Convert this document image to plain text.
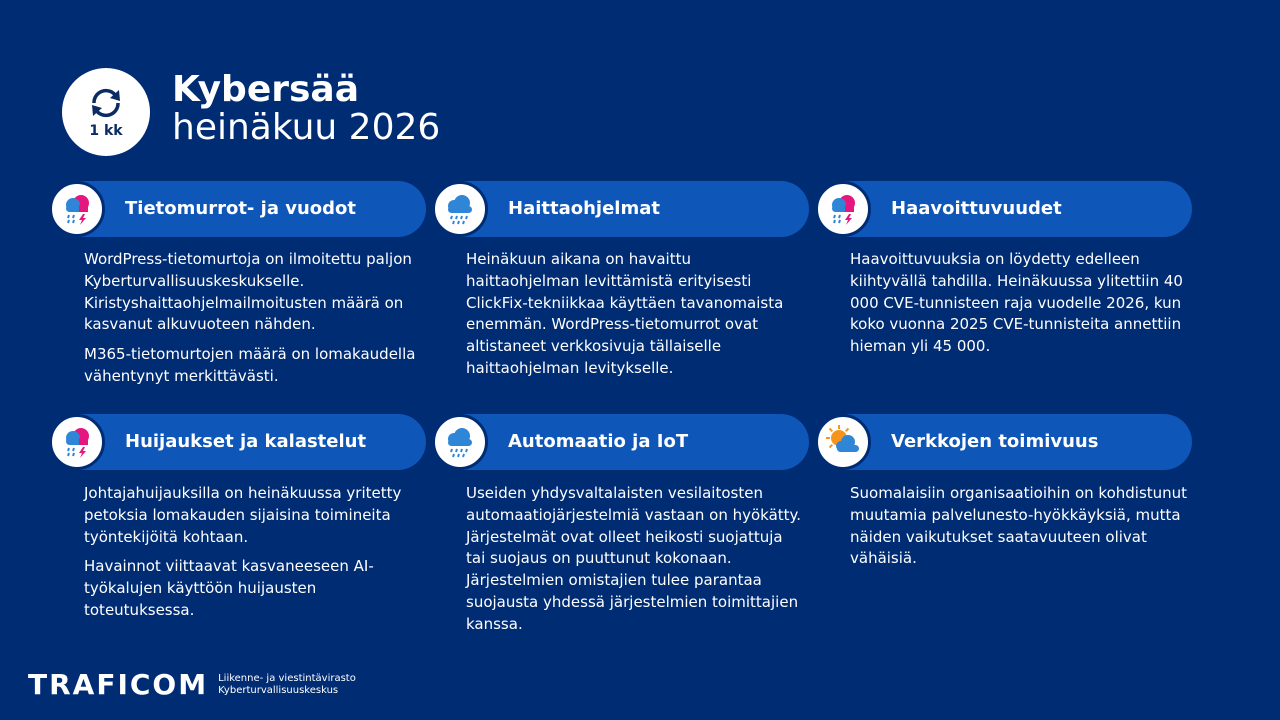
1 kk
Kybersää
heinäkuu 2026
Tietomurrot- ja vuodot

WordPress-tietomurtoja on ilmoitettu paljon Kyberturvallisuuskeskukselle. Kiristyshaittaohjelmailmoitusten määrä on kasvanut alkuvuoteen nähden.

M365-tietomurtojen määrä on lomakaudella vähentynyt merkittävästi.

Haittaohjelmat

Heinäkuun aikana on havaittu haittaohjelman levittämistä erityisesti ClickFix-tekniikkaa käyttäen tavanomaista enemmän. WordPress-tietomurrot ovat altistaneet verkkosivuja tällaiselle haittaohjelman levitykselle.

Haavoittuvuudet

Haavoittuvuuksia on löydetty edelleen kiihtyvällä tahdilla. Heinäkuussa ylitettiin 40 000 CVE-tunnisteen raja vuodelle 2026, kun koko vuonna 2025 CVE-tunnisteita annettiin hieman yli 45 000.

Huijaukset ja kalastelut

Johtajahuijauksilla on heinäkuussa yritetty petoksia lomakauden sijaisina toimineita työntekijöitä kohtaan.

Havainnot viittaavat kasvaneeseen AI-työkalujen käyttöön huijausten toteutuksessa.

Automaatio ja IoT

Useiden yhdysvaltalaisten vesilaitosten automaatiojärjestelmiä vastaan on hyökätty. Järjestelmät ovat olleet heikosti suojattuja tai suojaus on puuttunut kokonaan. Järjestelmien omistajien tulee parantaa suojausta yhdessä järjestelmien toimittajien kanssa.

Verkkojen toimivuus

Suomalaisiin organisaatioihin on kohdistunut muutamia palvelunesto-hyökkäyksiä, mutta näiden vaikutukset saatavuuteen olivat vähäisiä.

TRAFICOM Liikenne- ja viestintävirasto
Kyberturvallisuuskeskus
